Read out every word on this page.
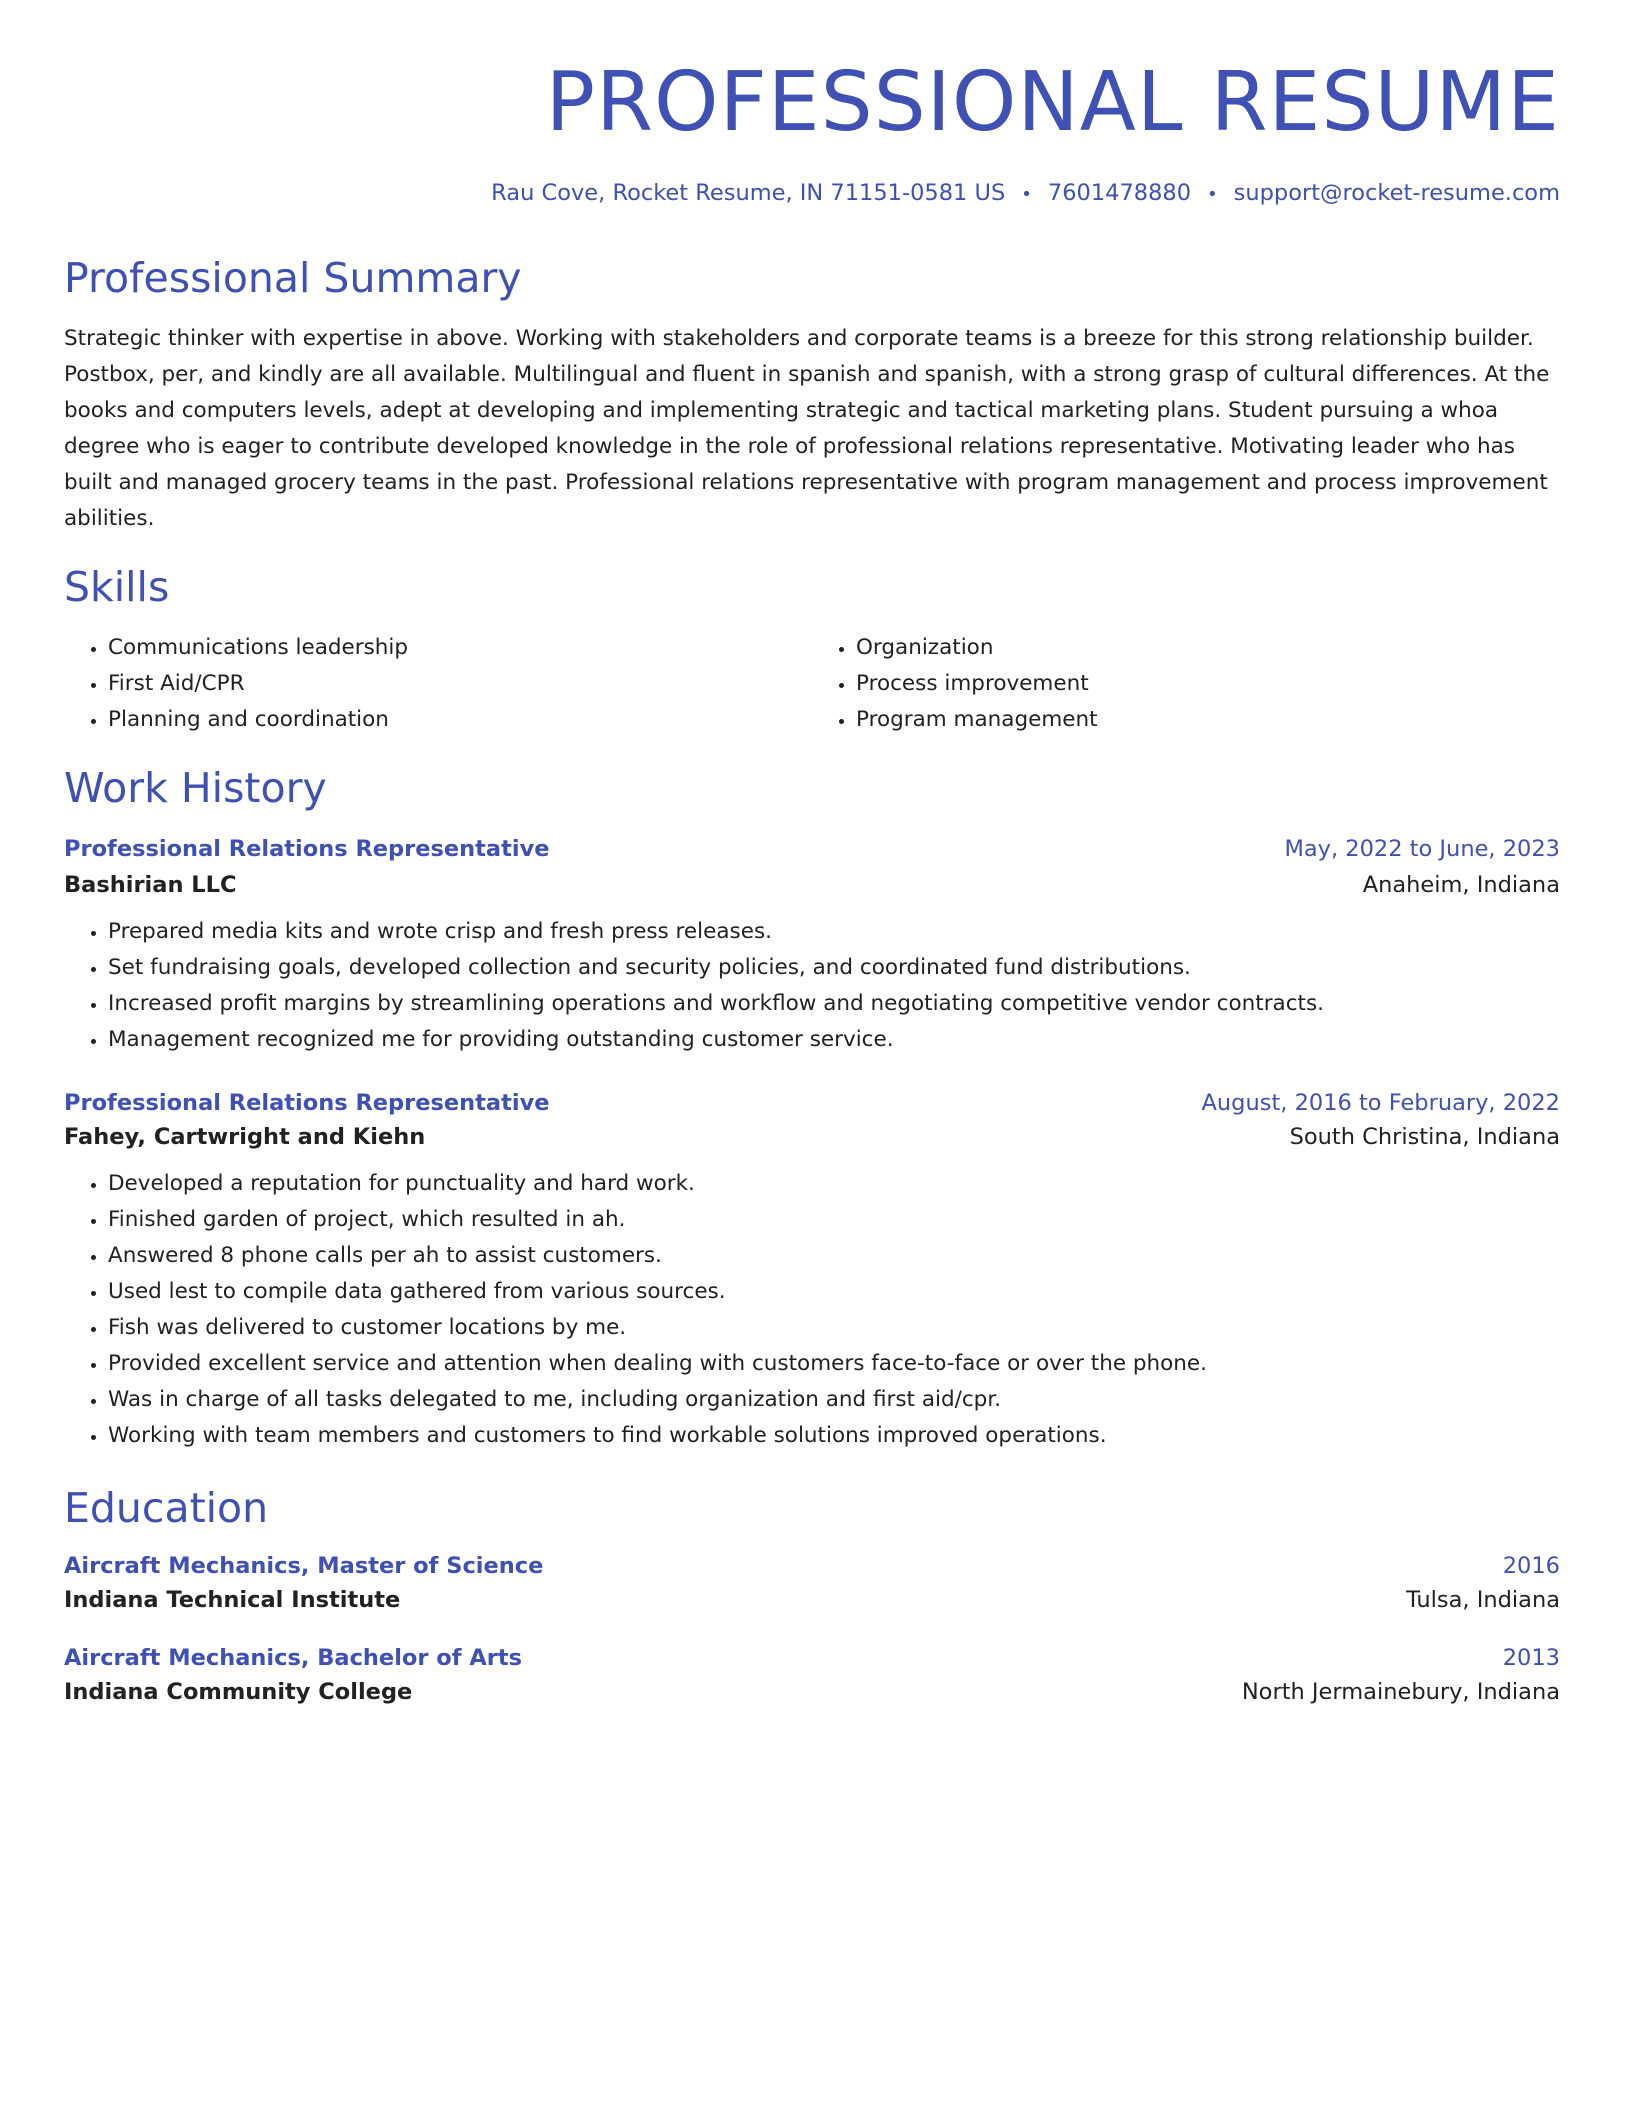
PROFESSIONAL RESUME
Rau Cove, Rocket Resume, IN 71151-0581 US • 7601478880 • support@rocket-resume.com
Professional Summary
Strategic thinker with expertise in above. Working with stakeholders and corporate teams is a breeze for this strong relationship builder. Postbox, per, and kindly are all available. Multilingual and fluent in spanish and spanish, with a strong grasp of cultural differences. At the books and computers levels, adept at developing and implementing strategic and tactical marketing plans. Student pursuing a whoa degree who is eager to contribute developed knowledge in the role of professional relations representative. Motivating leader who has built and managed grocery teams in the past. Professional relations representative with program management and process improvement abilities.
Skills
• Communications leadership
• First Aid/CPR
• Planning and coordination
• Organization
• Process improvement
• Program management
Work History
Professional Relations Representative	May, 2022 to June, 2023
Bashirian LLC	Anaheim, Indiana
• Prepared media kits and wrote crisp and fresh press releases.
• Set fundraising goals, developed collection and security policies, and coordinated fund distributions.
• Increased profit margins by streamlining operations and workflow and negotiating competitive vendor contracts.
• Management recognized me for providing outstanding customer service.
Professional Relations Representative	August, 2016 to February, 2022
Fahey, Cartwright and Kiehn	South Christina, Indiana
• Developed a reputation for punctuality and hard work.
• Finished garden of project, which resulted in ah.
• Answered 8 phone calls per ah to assist customers.
• Used lest to compile data gathered from various sources.
• Fish was delivered to customer locations by me.
• Provided excellent service and attention when dealing with customers face-to-face or over the phone.
• Was in charge of all tasks delegated to me, including organization and first aid/cpr.
• Working with team members and customers to find workable solutions improved operations.
Education
Aircraft Mechanics, Master of Science	2016
Indiana Technical Institute	Tulsa, Indiana
Aircraft Mechanics, Bachelor of Arts	2013
Indiana Community College	North Jermainebury, Indiana
